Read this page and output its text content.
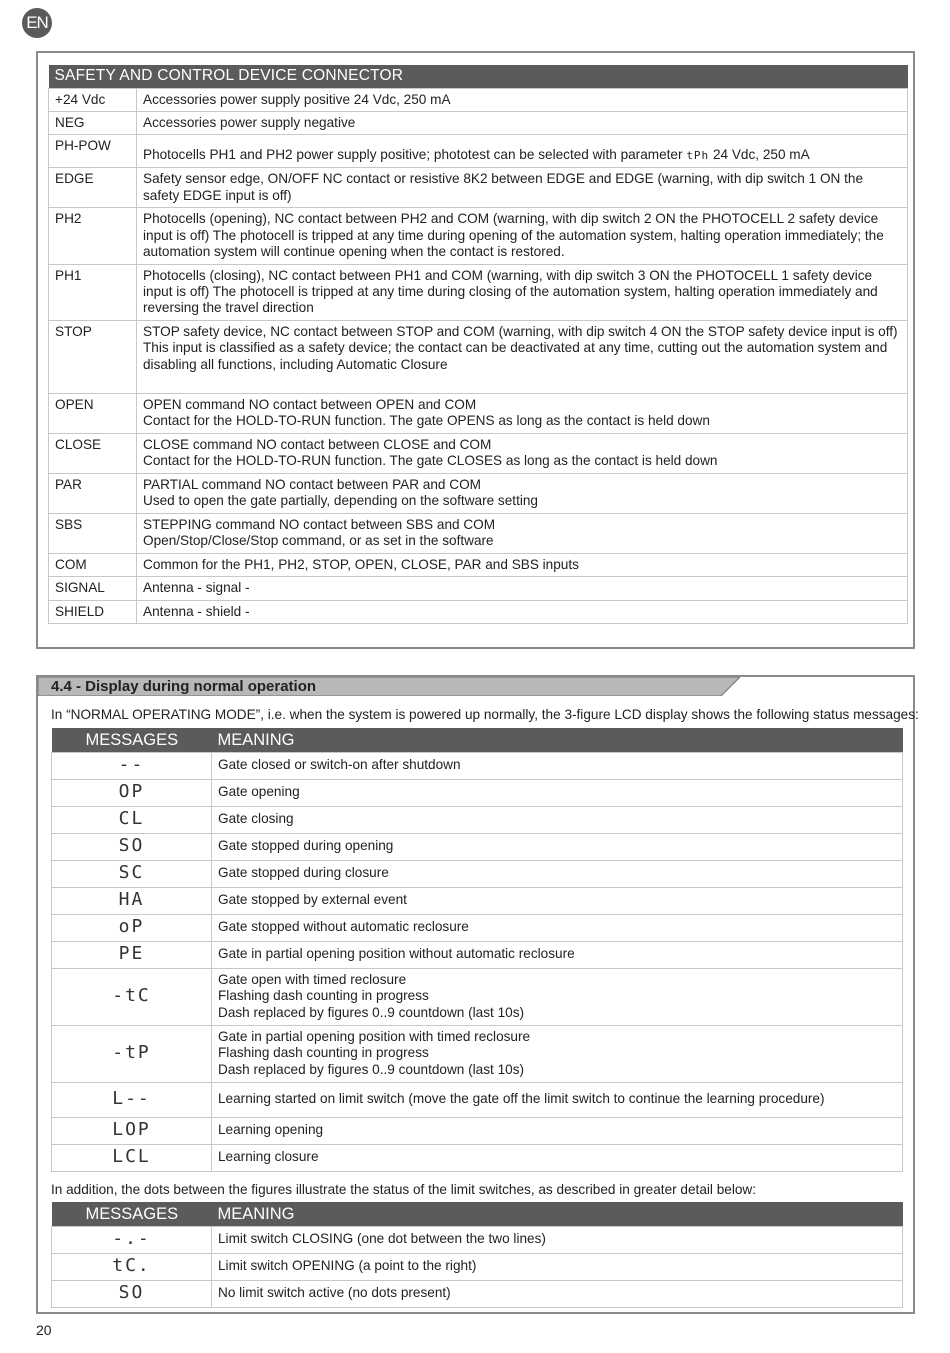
EN
SAFETY AND CONTROL DEVICE CONNECTOR	
+24 Vdc	Accessories power supply positive 24 Vdc, 250 mA

NEG	Accessories power supply negative

PH-POW	Photocells PH1 and PH2 power supply positive; phototest can be selected with parameter tPh 24 Vdc, 250 mA
EDGE	Safety sensor edge, ON/OFF NC contact or resistive 8K2 between EDGE and EDGE (warning, with dip switch 1 ON the safety EDGE input is off)

PH2	Photocells (opening), NC contact between PH2 and COM (warning, with dip switch 2 ON the PHOTOCELL 2 safety device input is off) The photocell is tripped at any time during opening of the automation system, halting operation immediately; the automation system will continue opening when the contact is restored.

PH1	Photocells (closing), NC contact between PH1 and COM (warning, with dip switch 3 ON the PHOTOCELL 1 safety device input is off) The photocell is tripped at any time during closing of the automation system, halting operation immediately and reversing the travel direction

STOP	STOP safety device, NC contact between STOP and COM (warning, with dip switch 4 ON the STOP safety device input is off)
This input is classified as a safety device; the contact can be deactivated at any time, cutting out the automation system and disabling all functions, including Automatic Closure

OPEN	OPEN command NO contact between OPEN and COM
Contact for the HOLD-TO-RUN function. The gate OPENS as long as the contact is held down

CLOSE	CLOSE command NO contact between CLOSE and COM
Contact for the HOLD-TO-RUN function. The gate CLOSES as long as the contact is held down

PAR	PARTIAL command NO contact between PAR and COM
Used to open the gate partially, depending on the software setting

SBS	STEPPING command NO contact between SBS and COM
Open/Stop/Close/Stop command, or as set in the software

COM	Common for the PH1, PH2, STOP, OPEN, CLOSE, PAR and SBS inputs

SIGNAL	Antenna - signal -

SHIELD	Antenna - shield -
4.4 - Display during normal operation
In “NORMAL OPERATING MODE”, i.e. when the system is powered up normally, the 3-figure LCD display shows the following status messages:
MESSAGES	MEANING
--	Gate closed or switch-on after shutdown

OP	Gate opening

CL	Gate closing

SO	Gate stopped during opening

SC	Gate stopped during closure

HA	Gate stopped by external event

oP	Gate stopped without automatic reclosure

PE	Gate in partial opening position without automatic reclosure

-tC	Gate open with timed reclosure
Flashing dash counting in progress
Dash replaced by figures 0..9 countdown (last 10s)

-tP	Gate in partial opening position with timed reclosure
Flashing dash counting in progress
Dash replaced by figures 0..9 countdown (last 10s)

L--	Learning started on limit switch (move the gate off the limit switch to continue the learning procedure)

LOP	Learning opening

LCL	Learning closure
In addition, the dots between the figures illustrate the status of the limit switches, as described in greater detail below:
MESSAGES	MEANING
-.-	Limit switch CLOSING (one dot between the two lines)

tC.	Limit switch OPENING (a point to the right)

SO	No limit switch active (no dots present)
20
